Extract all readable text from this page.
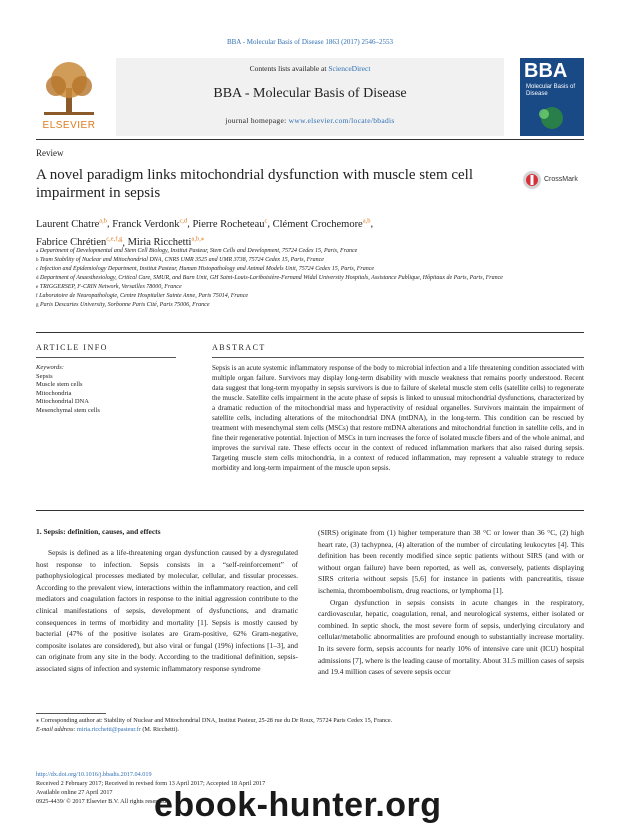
BBA - Molecular Basis of Disease 1863 (2017) 2546–2553
ELSEVIER
Contents lists available at ScienceDirect
BBA - Molecular Basis of Disease
journal homepage: www.elsevier.com/locate/bbadis
BBA
Molecular Basis of Disease
Review
A novel paradigm links mitochondrial dysfunction with muscle stem cell impairment in sepsis
CrossMark
Laurent Chatre$^{a,b}$, Franck Verdonk$^{c,d}$, Pierre Rocheteau$^c$, Clément Crochemore$^{a,b}$,
Fabrice Chrétien$^{c,e,f,g}$, Miria Ricchetti$^{a,b,⁎}$
$^a$ Department of Developmental and Stem Cell Biology, Institut Pasteur, Stem Cells and Development, 75724 Cedex 15, Paris, France
$^b$ Team Stability of Nuclear and Mitochondrial DNA, CNRS UMR 3525 and UMR 3738, 75724 Cedex 15, Paris, France
$^c$ Infection and Epidemiology Department, Institut Pasteur, Human Histopathology and Animal Models Unit, 75724 Cedex 15, Paris, France
$^d$ Department of Anaesthesiology, Critical Care, SMUR, and Burn Unit, GH Saint-Louis-Lariboisière-Fernand Widal University Hospitals, Assistance Publique, Hôpitaux de Paris, Paris, France
$^e$ TRIGGERSEP, F-CRIN Network, Versailles 78000, France
$^f$ Laboratoire de Neuropathologie, Centre Hospitalier Sainte Anne, Paris 75014, France
$^g$ Paris Descartes University, Sorbonne Paris Cité, Paris 75006, France
ARTICLE INFO	ABSTRACT
Keywords:
Sepsis
Muscle stem cells
Mitochondria
Mitochondrial DNA
Mesenchymal stem cells
Sepsis is an acute systemic inflammatory response of the body to microbial infection and a life threatening condition associated with multiple organ failure. Survivors may display long-term disability with muscle weakness that remains poorly understood. Recent data suggest that long-term myopathy in sepsis survivors is due to failure of skeletal muscle stem cells (satellite cells) to regenerate the muscle. Satellite cells impairment in the acute phase of sepsis is linked to unusual mitochondrial dysfunctions, characterized by a dramatic reduction of the mitochondrial mass and hyperactivity of residual organelles. Survivors maintain the impairment of satellite cells, including alterations of the mitochondrial DNA (mtDNA), in the long-term. This condition can be rescued by treatment with mesenchymal stem cells (MSCs) that restore mtDNA alterations and mitochondrial function in satellite cells, and in fine their regenerative potential. Injection of MSCs in turn increases the force of isolated muscle fibers and of the whole animal, and improves the survival rate. These effects occur in the context of reduced inflammation markers that also raised during sepsis. Targeting muscle stem cells mitochondria, in a context of reduced inflammation, may represent a valuable strategy to reduce morbidity and long-term impairment of the muscle upon sepsis.
1. Sepsis: definition, causes, and effects

Sepsis is defined as a life-threatening organ dysfunction caused by a dysregulated host response to infection. Sepsis consists in a “self-reinforcement” of pathophysiological processes mediated by molecular, cellular, and tissular processes. According to the prevalent view, interactions within the inflammatory reaction, and cell mediators and coagulation factors in response to the initial aggression contribute to the clinical manifestations of sepsis, development of dysfunctions, and dramatic consequences in terms of morbidity and mortality [1]. Sepsis is mostly caused by bacterial (47% of the positive isolates are Gram-positive, 62% Gram-negative, composite isolates are considered), but also viral or fungal (19%) infections [1–3], and can originate from any site in the body. According to the traditional definition, sepsis-associated signs of infection and systemic inflammatory response syndrome

(SIRS) originate from (1) higher temperature than 38 °C or lower than 36 °C, (2) high heart rate, (3) tachypnea, (4) alteration of the number of circulating leukocytes [4]. This definition has been recently modified since septic patients without SIRS (and with or without organ failure) have been reported, as well as, conversely, patients displaying SIRS criteria without sepsis [5,6] for instance in patients with pancreatitis, tissue ischemia, thromboembolism, drug reactions, or lymphoma [1].

Organ dysfunction in sepsis consists in acute changes in the respiratory, cardiovascular, hepatic, coagulation, renal, and neurological systems, either isolated or combined. In septic shock, the most severe form of sepsis, underlying circulatory and cellular/metabolic abnormalities are profound enough to substantially increase mortality. In its severe form, sepsis accounts for nearly 10% of intensive care unit (ICU) hospital admissions [7], where is the leading cause of mortality. About 31.5 million cases of sepsis and 19.4 million cases of severe sepsis occur

⁎ Corresponding author at: Stability of Nuclear and Mitochondrial DNA, Institut Pasteur, 25-28 rue du Dr Roux, 75724 Paris Cedex 15, France.
E-mail address: miria.ricchetti@pasteur.fr (M. Ricchetti).
http://dx.doi.org/10.1016/j.bbadis.2017.04.019
Received 2 February 2017; Received in revised form 13 April 2017; Accepted 18 April 2017
Available online 27 April 2017
0925-4439/ © 2017 Elsevier B.V. All rights reserved.
ebook-hunter.org
